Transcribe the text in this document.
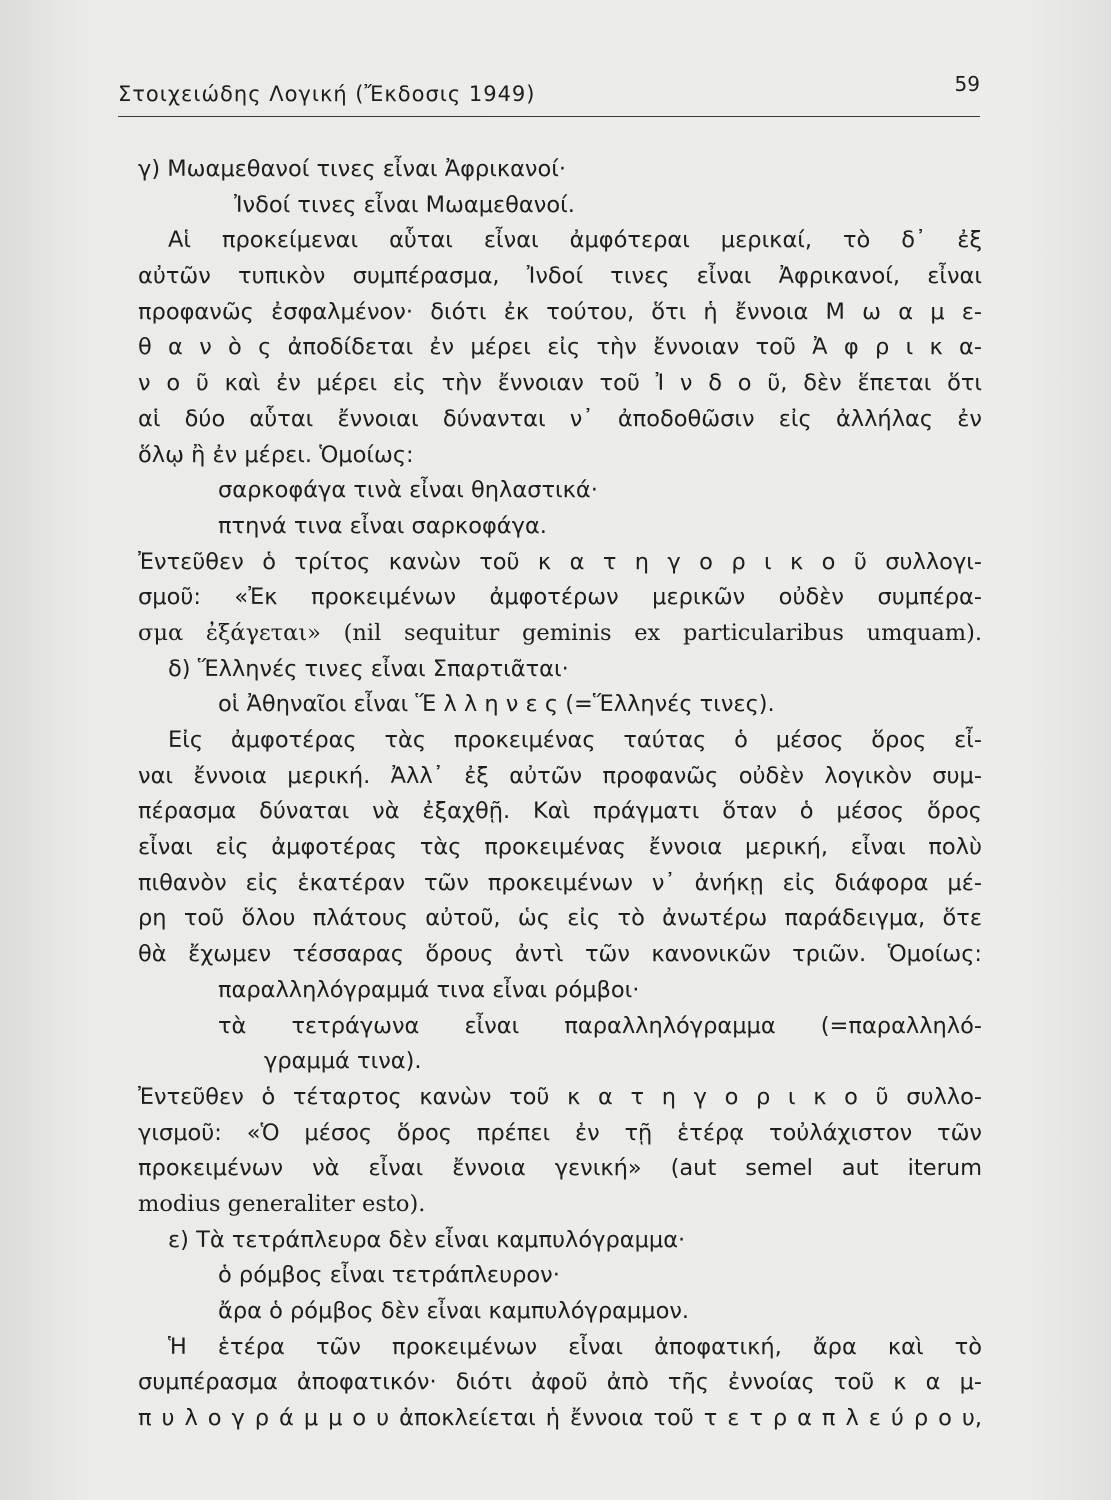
Στοιχειώδης Λογική (Ἔκδοσις 1949)	59
γ) Μωαμεθανοί τινες εἶναι Ἀφρικανοί·
Ἰνδοί τινες εἶναι Μωαμεθανοί.
Αἱ προκείμεναι αὗται εἶναι ἀμφότεραι μερικαί, τὸ δ᾽ ἐξ
αὐτῶν τυπικὸν συμπέρασμα, Ἰνδοί τινες εἶναι Ἀφρικανοί, εἶναι
προφανῶς ἐσφαλμένον· διότι ἐκ τούτου, ὅτι ἡ ἔννοια Μ ω α μ ε-
θ α ν ὸ ς ἀποδίδεται ἐν μέρει εἰς τὴν ἔννοιαν τοῦ Ἀ φ ρ ι κ α-
ν ο ῦ καὶ ἐν μέρει εἰς τὴν ἔννοιαν τοῦ Ἰ ν δ ο ῦ, δὲν ἕπεται ὅτι
αἱ δύο αὗται ἔννοιαι δύνανται ν᾽ ἀποδοθῶσιν εἰς ἀλλήλας ἐν
ὅλῳ ἢ ἐν μέρει. Ὁμοίως:
σαρκοφάγα τινὰ εἶναι θηλαστικά·
πτηνά τινα εἶναι σαρκοφάγα.
Ἐντεῦθεν ὁ τρίτος κανὼν τοῦ κ α τ η γ ο ρ ι κ ο ῦ συλλογι-
σμοῦ: «Ἐκ προκειμένων ἀμφοτέρων μερικῶν οὐδὲν συμπέρα-
σμα ἐξάγεται» (nil sequitur geminis ex particularibus umquam).
δ) Ἕλληνές τινες εἶναι Σπαρτιᾶται·
οἱ Ἀθηναῖοι εἶναι Ἕ λ λ η ν ε ς (=Ἕλληνές τινες).
Εἰς ἀμφοτέρας τὰς προκειμένας ταύτας ὁ μέσος ὅρος εἶ-
ναι ἔννοια μερική. Ἀλλ᾽ ἐξ αὐτῶν προφανῶς οὐδὲν λογικὸν συμ-
πέρασμα δύναται νὰ ἐξαχθῇ. Καὶ πράγματι ὅταν ὁ μέσος ὅρος
εἶναι εἰς ἀμφοτέρας τὰς προκειμένας ἔννοια μερική, εἶναι πολὺ
πιθανὸν εἰς ἑκατέραν τῶν προκειμένων ν᾽ ἀνήκῃ εἰς διάφορα μέ-
ρη τοῦ ὅλου πλάτους αὐτοῦ, ὡς εἰς τὸ ἀνωτέρω παράδειγμα, ὅτε
θὰ ἔχωμεν τέσσαρας ὅρους ἀντὶ τῶν κανονικῶν τριῶν. Ὁμοίως:
παραλληλόγραμμά τινα εἶναι ρόμβοι·
τὰ τετράγωνα εἶναι παραλληλόγραμμα (=παραλληλό-
γραμμά τινα).
Ἐντεῦθεν ὁ τέταρτος κανὼν τοῦ κ α τ η γ ο ρ ι κ ο ῦ συλλο-
γισμοῦ: «Ὁ μέσος ὅρος πρέπει ἐν τῇ ἑτέρᾳ τοὐλάχιστον τῶν
προκειμένων νὰ εἶναι ἔννοια γενική» (aut semel aut iterum
modius generaliter esto).
ε) Τὰ τετράπλευρα δὲν εἶναι καμπυλόγραμμα·
ὁ ρόμβος εἶναι τετράπλευρον·
ἄρα ὁ ρόμβος δὲν εἶναι καμπυλόγραμμον.
Ἡ ἑτέρα τῶν προκειμένων εἶναι ἀποφατική, ἄρα καὶ τὸ
συμπέρασμα ἀποφατικόν· διότι ἀφοῦ ἀπὸ τῆς ἐννοίας τοῦ κ α μ-
π υ λ ο γ ρ ά μ μ ο υ ἀποκλείεται ἡ ἔννοια τοῦ τ ε τ ρ α π λ ε ύ ρ ο υ,
